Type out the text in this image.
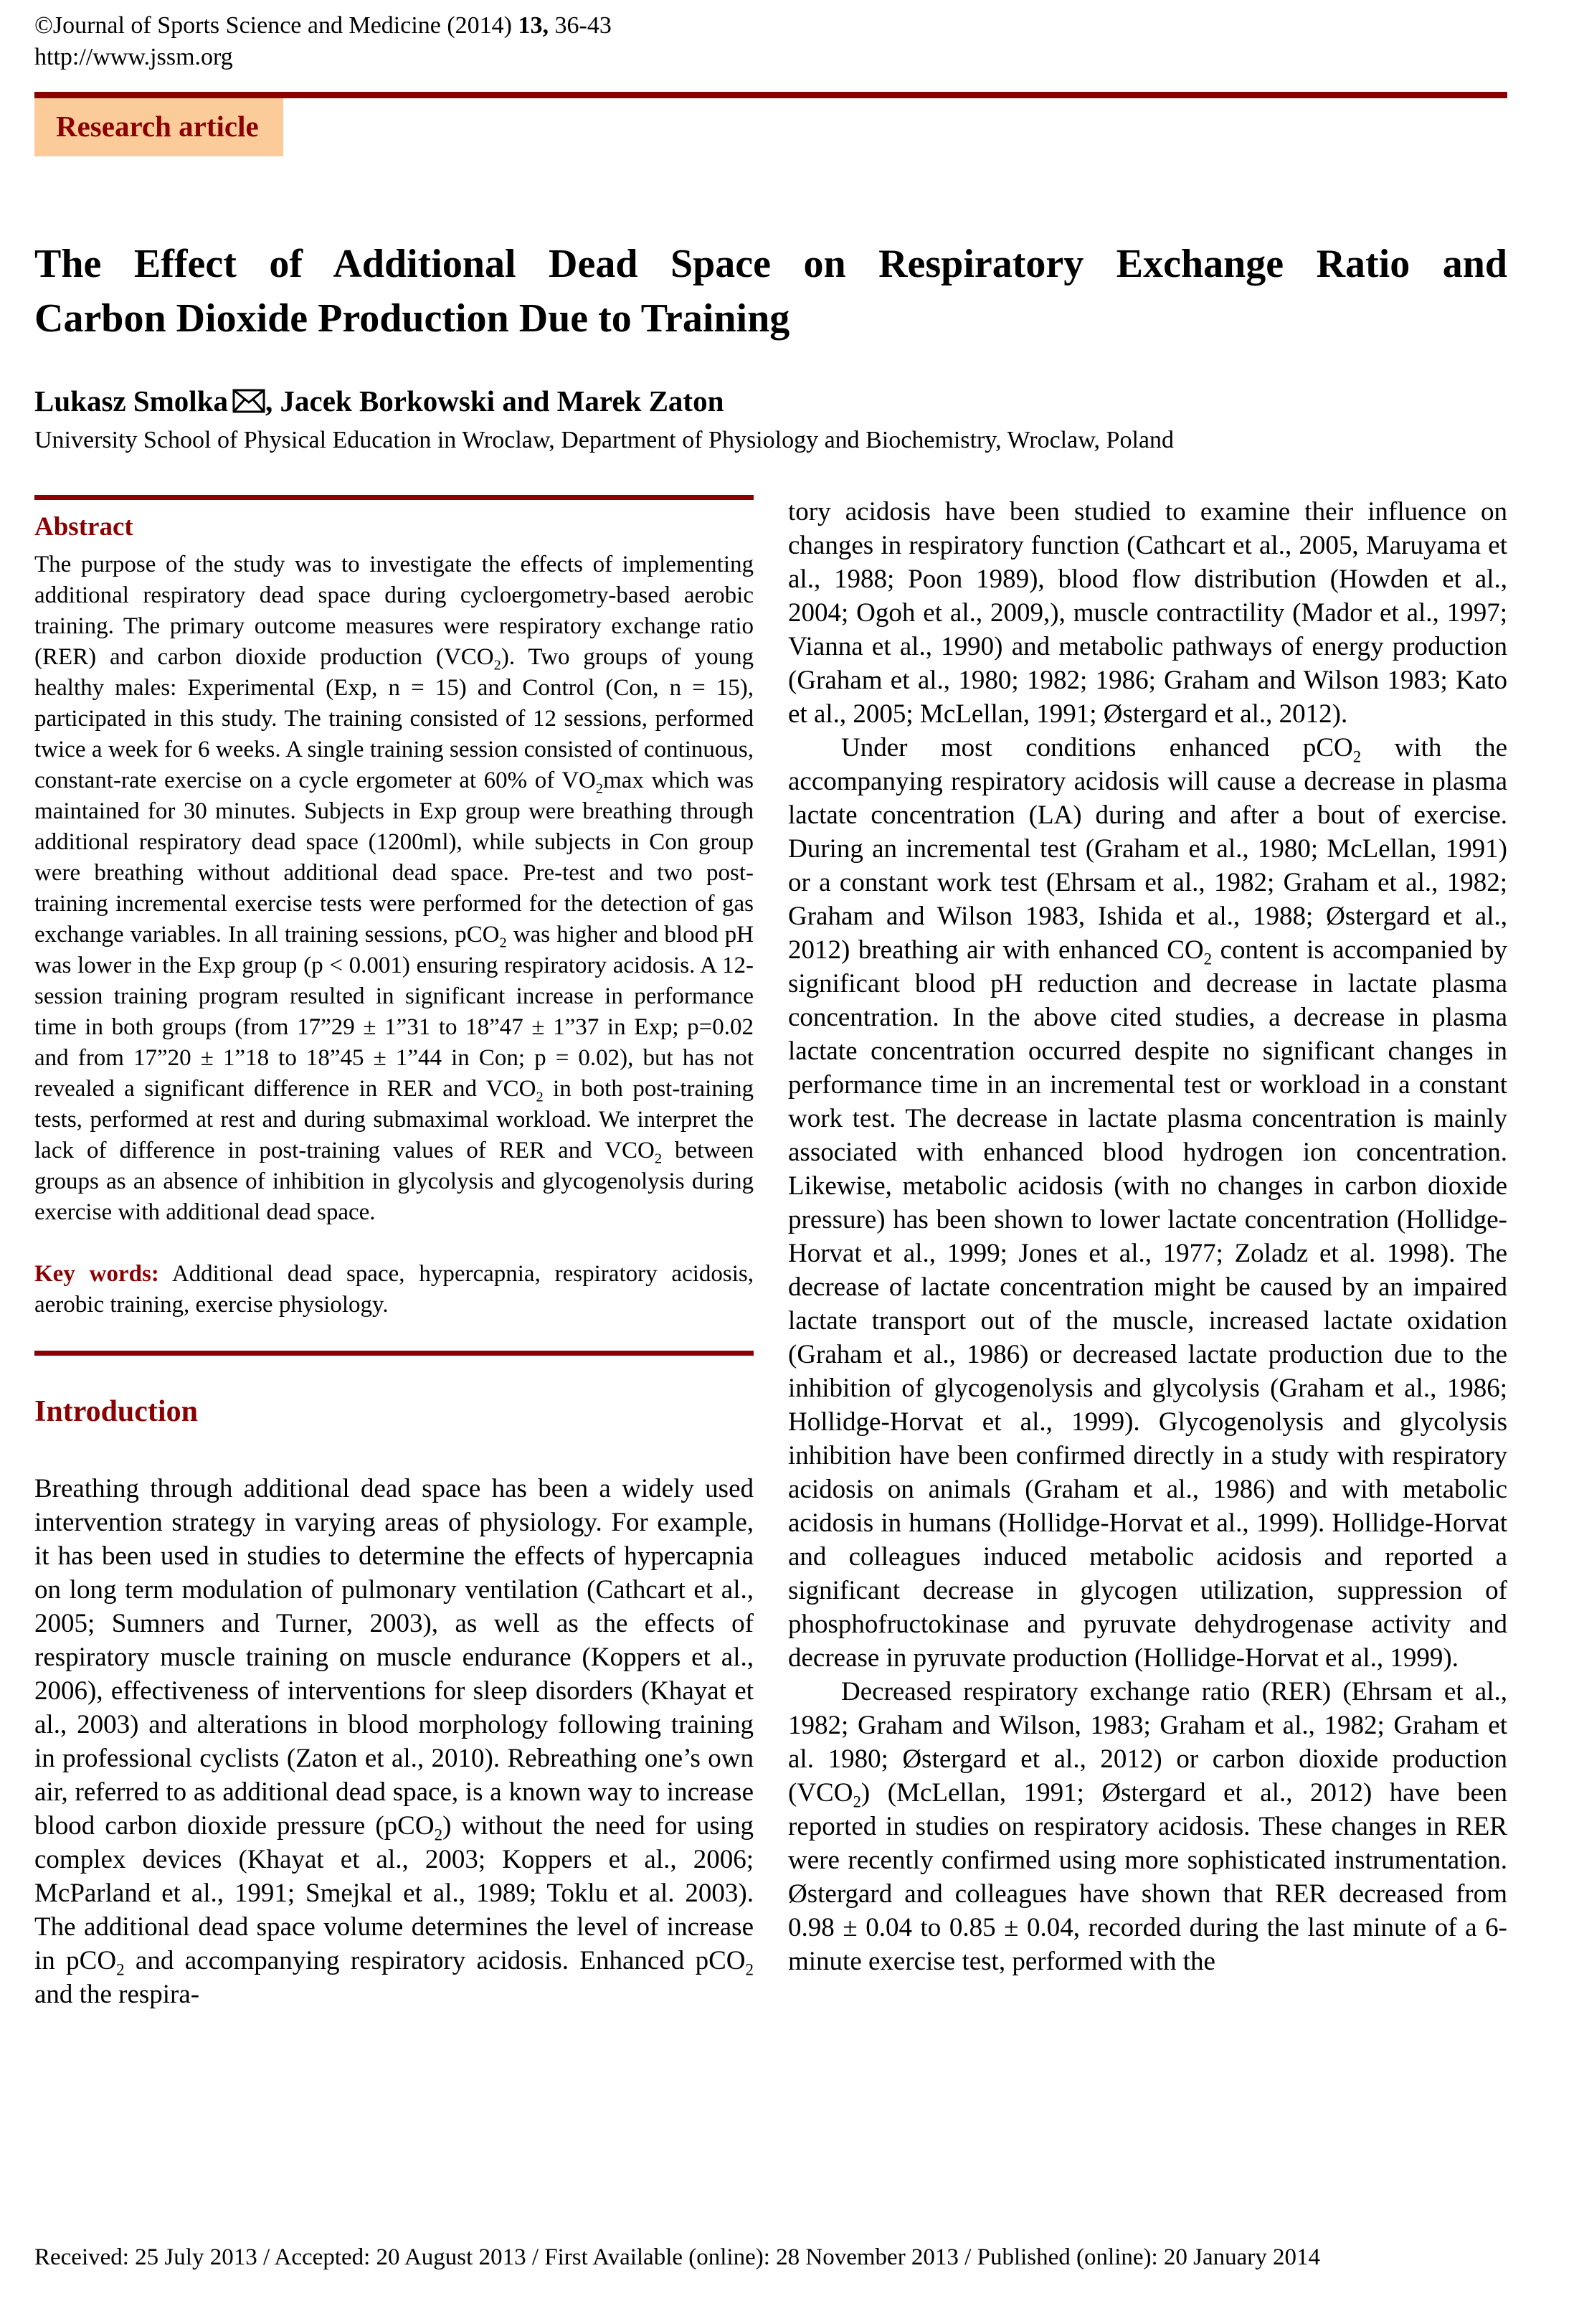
©Journal of Sports Science and Medicine (2014) 13, 36-43
http://www.jssm.org
Research article
The Effect of Additional Dead Space on Respiratory Exchange Ratio and
Carbon Dioxide Production Due to Training
Lukasz Smolka , Jacek Borkowski and Marek Zaton
University School of Physical Education in Wroclaw, Department of Physiology and Biochemistry, Wroclaw, Poland
Abstract

The purpose of the study was to investigate the effects of implementing additional respiratory dead space during cycloergometry-based aerobic training. The primary outcome measures were respiratory exchange ratio (RER) and carbon dioxide production $(VCO_2)$. Two groups of young healthy males: Experimental (Exp, n = 15) and Control (Con, n = 15), participated in this study. The training consisted of 12 sessions, performed twice a week for 6 weeks. A single training session consisted of continuous, constant-rate exercise on a cycle ergometer at 60% of $VO_2\max$ which was maintained for 30 minutes. Subjects in Exp group were breathing through additional respiratory dead space (1200ml), while subjects in Con group were breathing without additional dead space. Pre-test and two post-training incremental exercise tests were performed for the detection of gas exchange variables. In all training sessions, pCO$_2$ was higher and blood pH was lower in the Exp group (p < 0.001) ensuring respiratory acidosis. A 12-session training program resulted in significant increase in performance time in both groups (from 17”29 ± 1”31 to 18”47 ± 1”37 in Exp; p=0.02 and from 17”20 ± 1”18 to 18”45 ± 1”44 in Con; p = 0.02), but has not revealed a significant difference in RER and $VCO_2$ in both post-training tests, performed at rest and during submaximal workload. We interpret the lack of difference in post-training values of RER and $VCO_2$ between groups as an absence of inhibition in glycolysis and glycogenolysis during exercise with additional dead space.

Key words: Additional dead space, hypercapnia, respiratory acidosis, aerobic training, exercise physiology.

Introduction

Breathing through additional dead space has been a widely used intervention strategy in varying areas of physiology. For example, it has been used in studies to determine the effects of hypercapnia on long term modulation of pulmonary ventilation (Cathcart et al., 2005; Sumners and Turner, 2003), as well as the effects of respiratory muscle training on muscle endurance (Koppers et al., 2006), effectiveness of interventions for sleep disorders (Khayat et al., 2003) and alterations in blood morphology following training in professional cyclists (Zaton et al., 2010). Rebreathing one’s own air, referred to as additional dead space, is a known way to increase blood carbon dioxide pressure (pCO$_2$) without the need for using complex devices (Khayat et al., 2003; Koppers et al., 2006; McParland et al., 1991; Smejkal et al., 1989; Toklu et al. 2003). The additional dead space volume determines the level of increase in pCO$_2$ and accompanying respiratory acidosis. Enhanced pCO$_2$ and the respira-

tory acidosis have been studied to examine their influence on changes in respiratory function (Cathcart et al., 2005, Maruyama et al., 1988; Poon 1989), blood flow distribution (Howden et al., 2004; Ogoh et al., 2009,), muscle contractility (Mador et al., 1997; Vianna et al., 1990) and metabolic pathways of energy production (Graham et al., 1980; 1982; 1986; Graham and Wilson 1983; Kato et al., 2005; McLellan, 1991; Østergard et al., 2012).

Under most conditions enhanced pCO$_2$ with the accompanying respiratory acidosis will cause a decrease in plasma lactate concentration (LA) during and after a bout of exercise. During an incremental test (Graham et al., 1980; McLellan, 1991) or a constant work test (Ehrsam et al., 1982; Graham et al., 1982; Graham and Wilson 1983, Ishida et al., 1988; Østergard et al., 2012) breathing air with enhanced $CO_2$ content is accompanied by significant blood pH reduction and decrease in lactate plasma concentration. In the above cited studies, a decrease in plasma lactate concentration occurred despite no significant changes in performance time in an incremental test or workload in a constant work test. The decrease in lactate plasma concentration is mainly associated with enhanced blood hydrogen ion concentration. Likewise, metabolic acidosis (with no changes in carbon dioxide pressure) has been shown to lower lactate concentration (Hollidge-Horvat et al., 1999; Jones et al., 1977; Zoladz et al. 1998). The decrease of lactate concentration might be caused by an impaired lactate transport out of the muscle, increased lactate oxidation (Graham et al., 1986) or decreased lactate production due to the inhibition of glycogenolysis and glycolysis (Graham et al., 1986; Hollidge-Horvat et al., 1999). Glycogenolysis and glycolysis inhibition have been confirmed directly in a study with respiratory acidosis on animals (Graham et al., 1986) and with metabolic acidosis in humans (Hollidge-Horvat et al., 1999). Hollidge-Horvat and colleagues induced metabolic acidosis and reported a significant decrease in glycogen utilization, suppression of phosphofructokinase and pyruvate dehydrogenase activity and decrease in pyruvate production (Hollidge-Horvat et al., 1999).

Decreased respiratory exchange ratio (RER) (Ehrsam et al., 1982; Graham and Wilson, 1983; Graham et al., 1982; Graham et al. 1980; Østergard et al., 2012) or carbon dioxide production $(VCO_2)$ (McLellan, 1991; Østergard et al., 2012) have been reported in studies on respiratory acidosis. These changes in RER were recently confirmed using more sophisticated instrumentation. Østergard and colleagues have shown that RER decreased from 0.98 ± 0.04 to 0.85 ± 0.04, recorded during the last minute of a 6-minute exercise test, performed with the

Received: 25 July 2013 / Accepted: 20 August 2013 / First Available (online): 28 November 2013 / Published (online): 20 January 2014
